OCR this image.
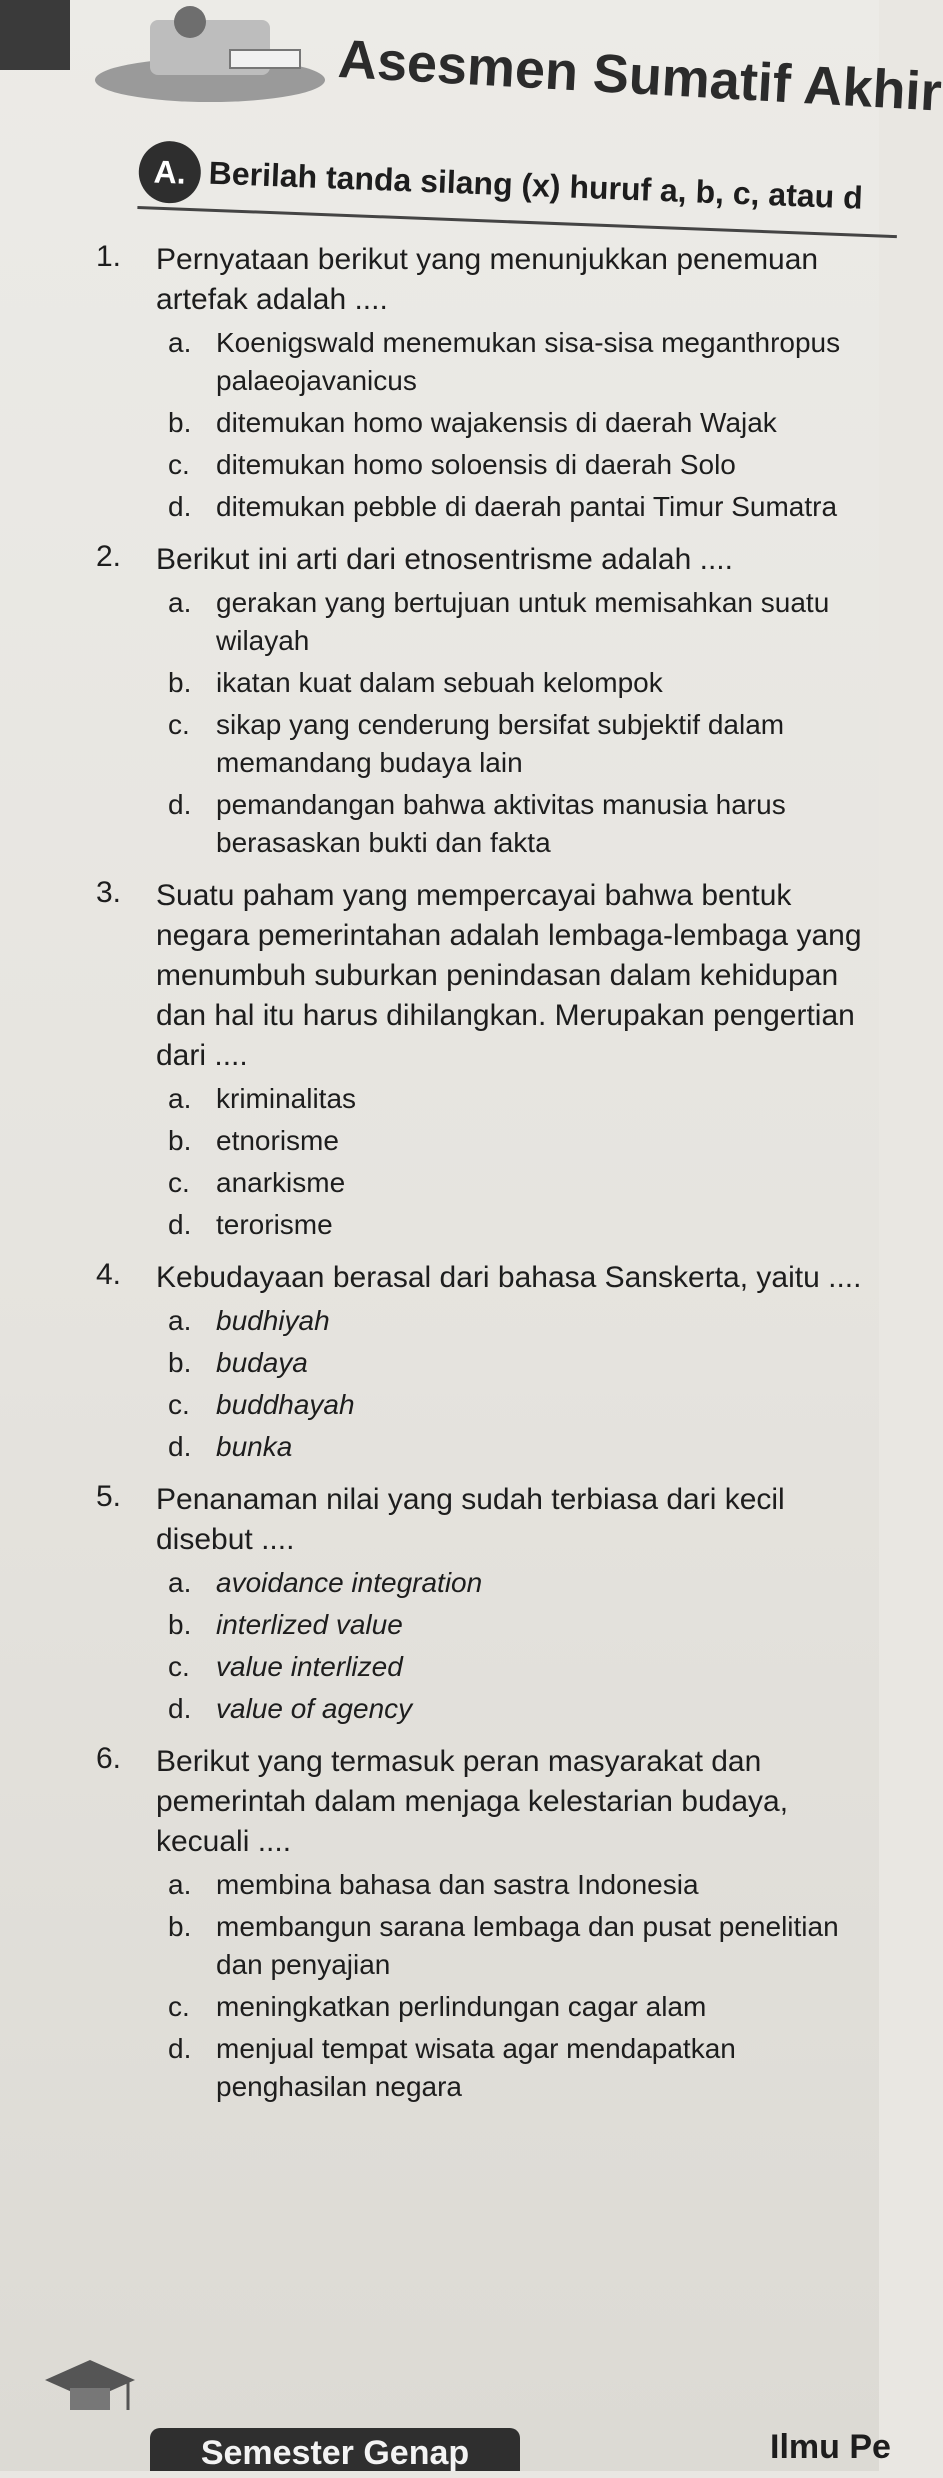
Asesmen Sumatif Akhir
A. Berilah tanda silang (x) huruf a, b, c, atau d
1. Pernyataan berikut yang menunjukkan penemuan artefak adalah ....
a. Koenigswald menemukan sisa-sisa meganthropus palaeojavanicus
b. ditemukan homo wajakensis di daerah Wajak
c. ditemukan homo soloensis di daerah Solo
d. ditemukan pebble di daerah pantai Timur Sumatra
2. Berikut ini arti dari etnosentrisme adalah ....
a. gerakan yang bertujuan untuk memisahkan suatu wilayah
b. ikatan kuat dalam sebuah kelompok
c. sikap yang cenderung bersifat subjektif dalam memandang budaya lain
d. pemandangan bahwa aktivitas manusia harus berasaskan bukti dan fakta
3. Suatu paham yang mempercayai bahwa bentuk negara pemerintahan adalah lembaga-lembaga yang menumbuh suburkan penindasan dalam kehidupan dan hal itu harus dihilangkan. Merupakan pengertian dari ....
a. kriminalitas
b. etnorisme
c. anarkisme
d. terorisme
4. Kebudayaan berasal dari bahasa Sanskerta, yaitu ....
a. budhiyah
b. budaya
c. buddhayah
d. bunka
5. Penanaman nilai yang sudah terbiasa dari kecil disebut ....
a. avoidance integration
b. interlized value
c. value interlized
d. value of agency
6. Berikut yang termasuk peran masyarakat dan pemerintah dalam menjaga kelestarian budaya, kecuali ....
a. membina bahasa dan sastra Indonesia
b. membangun sarana lembaga dan pusat penelitian dan penyajian
c. meningkatkan perlindungan cagar alam
d. menjual tempat wisata agar mendapatkan penghasilan negara
Semester Genap	Ilmu Pe
